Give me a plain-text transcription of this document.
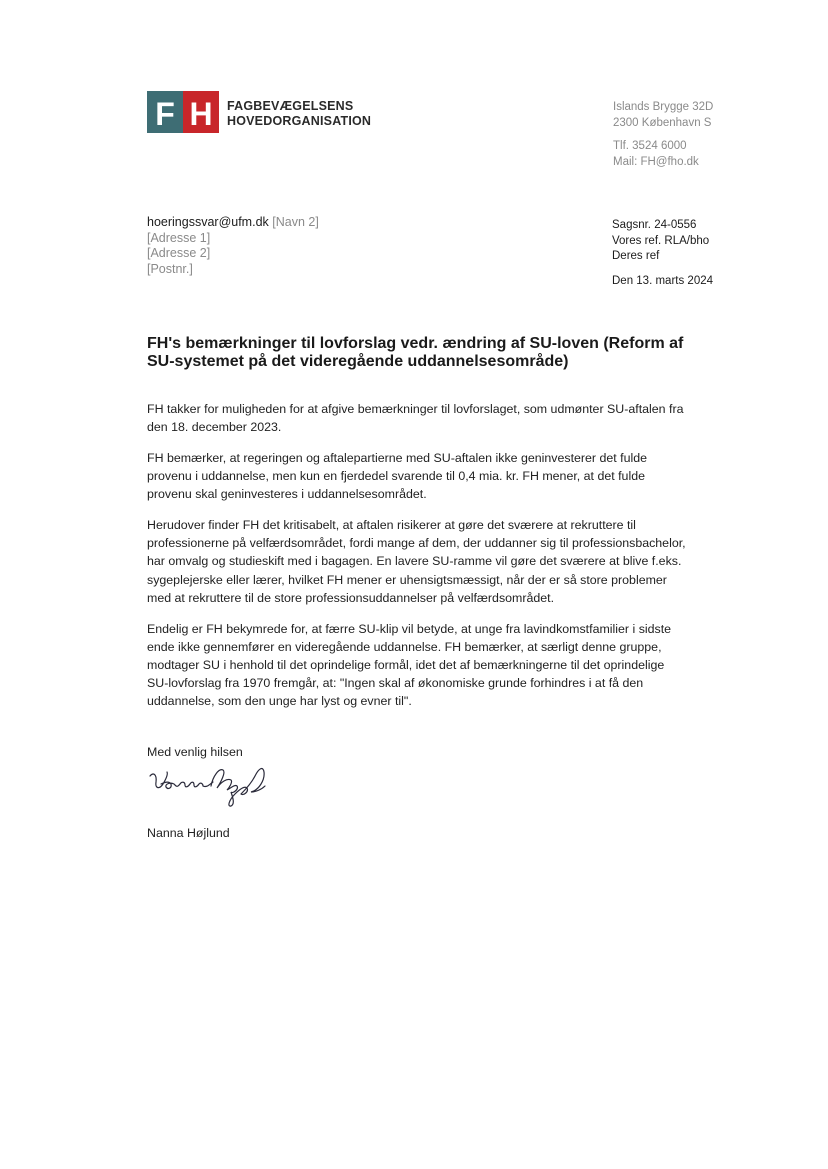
F H	FAGBEVÆGELSENS
HOVEDORGANISATION
Islands Brygge 32D
2300 København S
Tlf. 3524 6000
Mail: FH@fho.dk
hoeringssvar@ufm.dk [Navn 2]
[Adresse 1]
[Adresse 2]
[Postnr.]
Sagsnr. 24-0556
Vores ref. RLA/bho
Deres ref
Den 13. marts 2024
FH's bemærkninger til lovforslag vedr. ændring af SU-loven (Reform af SU-systemet på det videregående uddannelsesområde)

FH takker for muligheden for at afgive bemærkninger til lovforslaget, som udmønter SU-aftalen fra den 18. december 2023.

FH bemærker, at regeringen og aftalepartierne med SU-aftalen ikke geninvesterer det fulde provenu i uddannelse, men kun en fjerdedel svarende til 0,4 mia. kr. FH mener, at det fulde provenu skal geninvesteres i uddannelsesområdet.

Herudover finder FH det kritisabelt, at aftalen risikerer at gøre det sværere at rekruttere til professionerne på velfærdsområdet, fordi mange af dem, der uddanner sig til professionsbachelor, har omvalg og studieskift med i bagagen. En lavere SU-ramme vil gøre det sværere at blive f.eks. sygeplejerske eller lærer, hvilket FH mener er uhensigtsmæssigt, når der er så store problemer med at rekruttere til de store professionsuddannelser på velfærdsområdet.

Endelig er FH bekymrede for, at færre SU-klip vil betyde, at unge fra lavindkomstfamilier i sidste ende ikke gennemfører en videregående uddannelse. FH bemærker, at særligt denne gruppe, modtager SU i henhold til det oprindelige formål, idet det af bemærkningerne til det oprindelige SU-lovforslag fra 1970 fremgår, at: "Ingen skal af økonomiske grunde forhindres i at få den uddannelse, som den unge har lyst og evner til".

Med venlig hilsen
Nanna Højlund
